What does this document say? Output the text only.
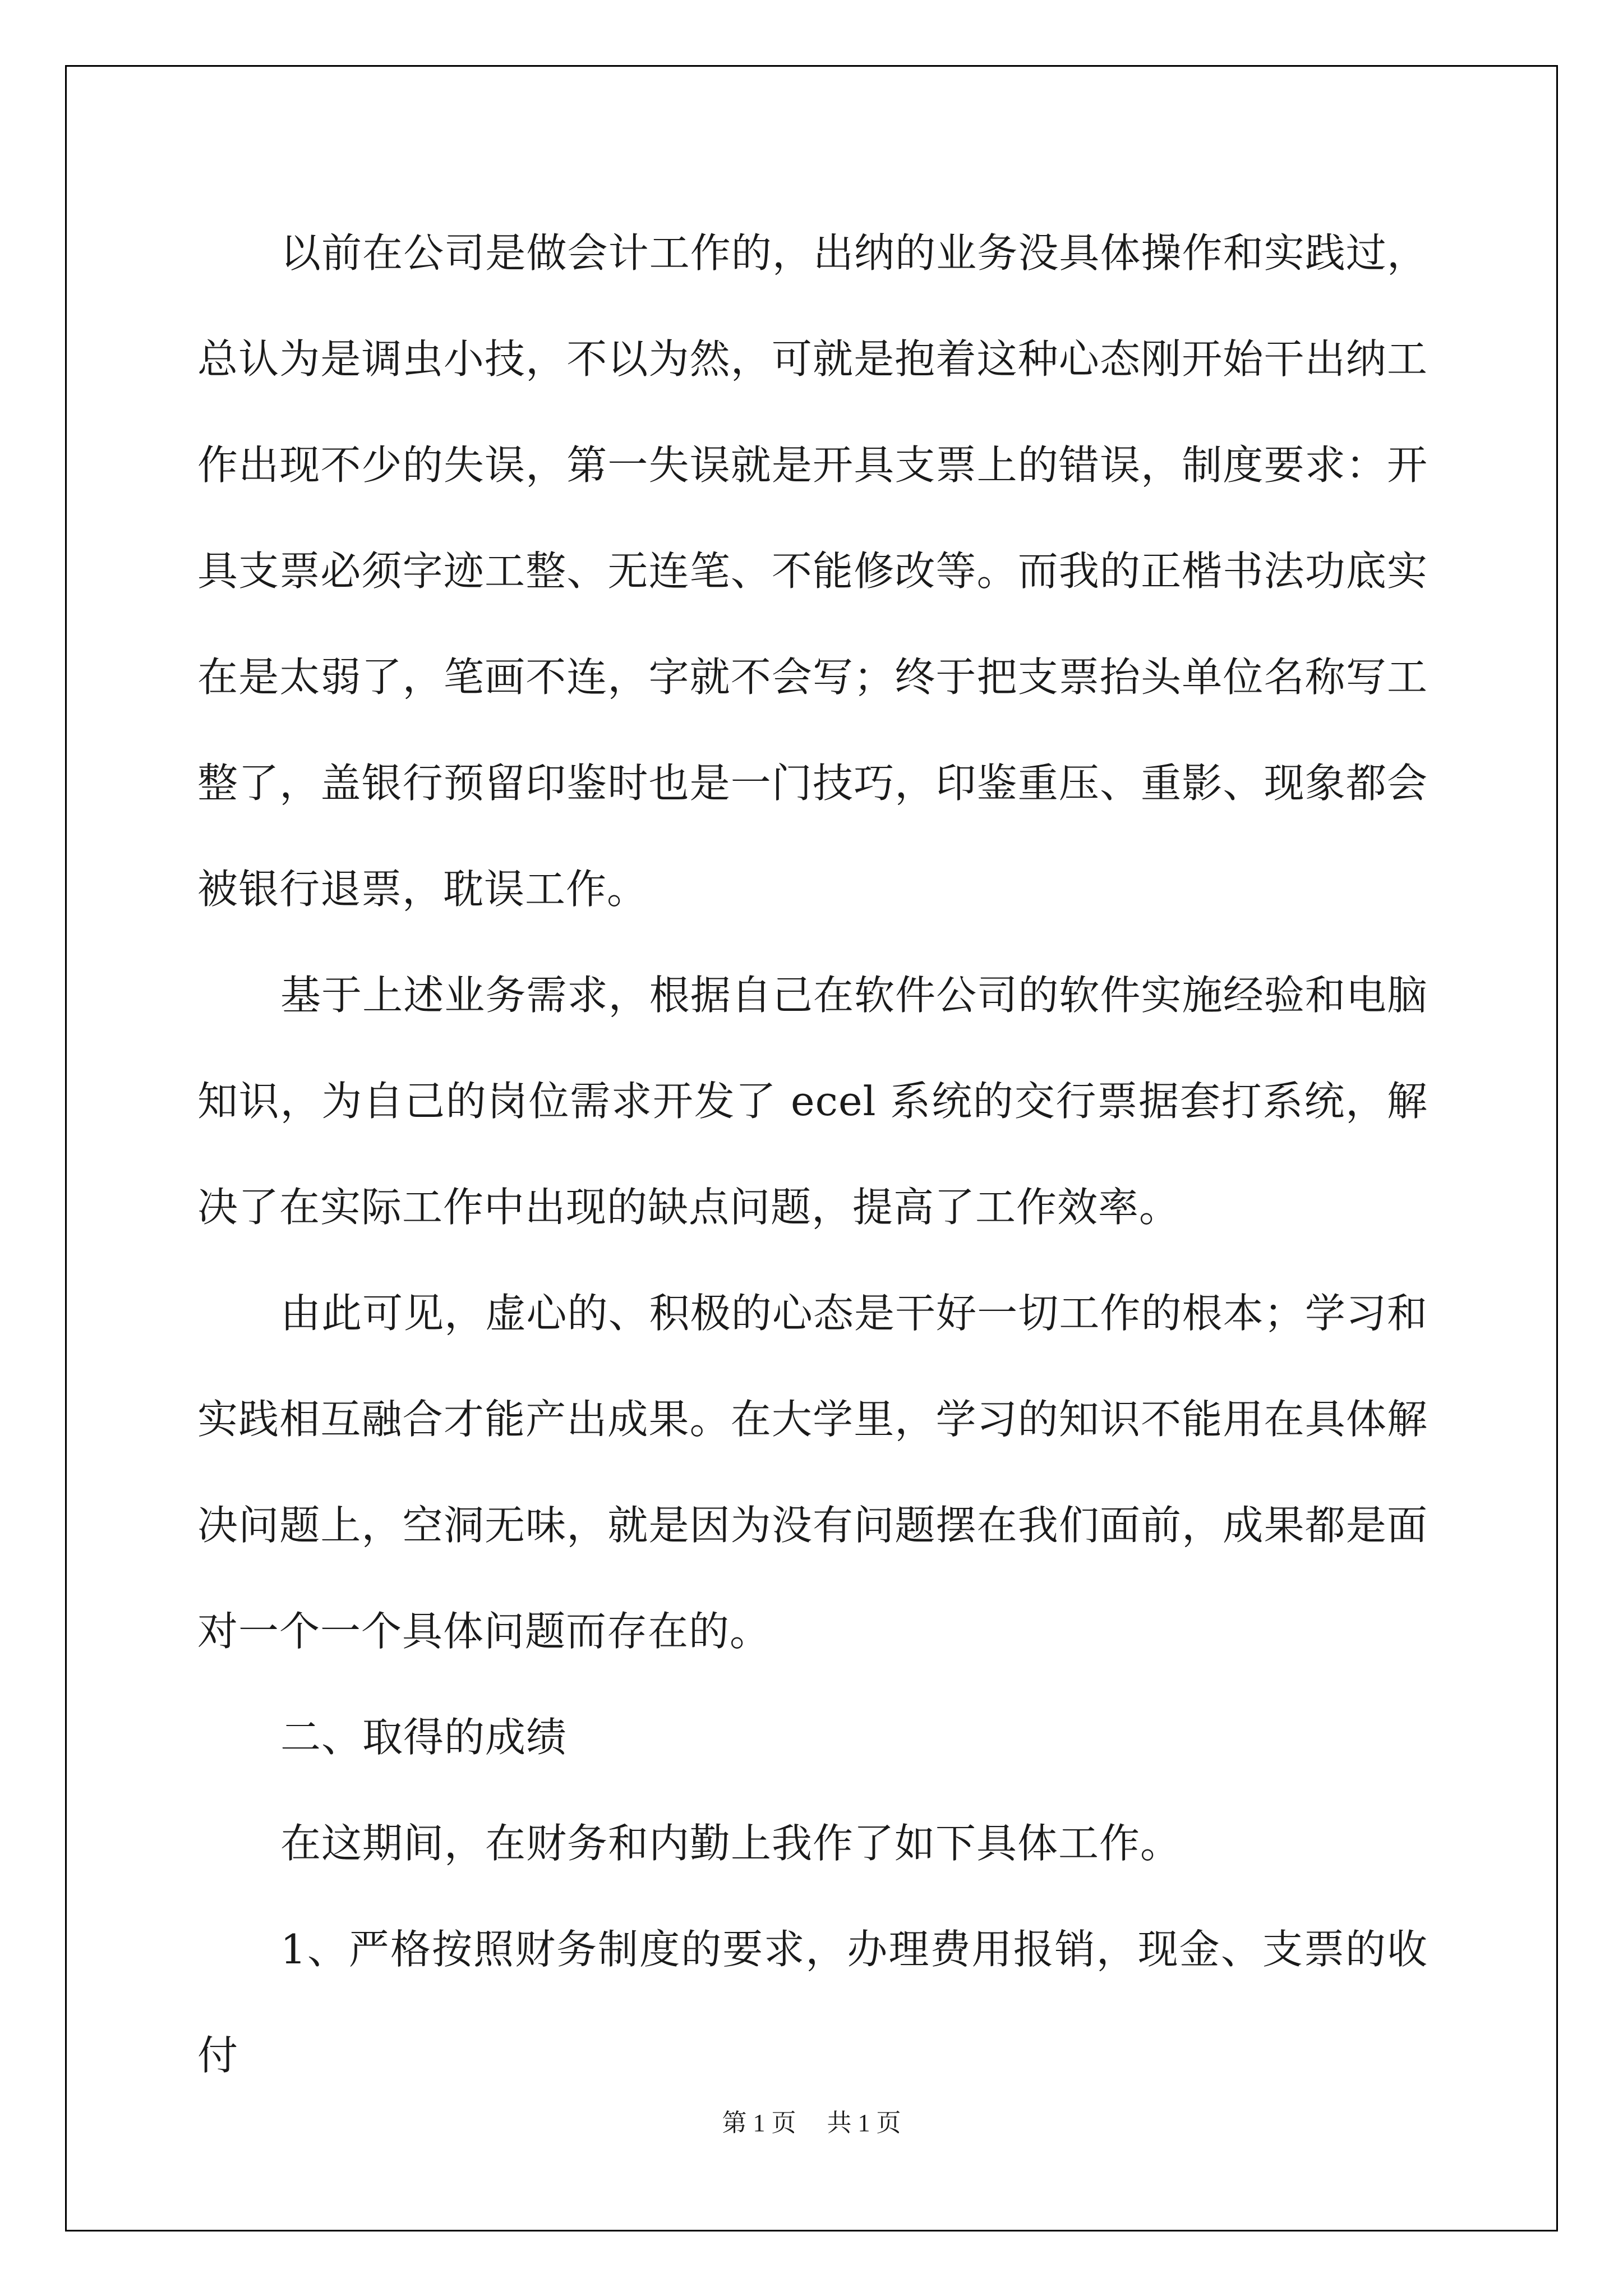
以前在公司是做会计工作的，出纳的业务没具体操作和实践过，总认为是调虫小技，不以为然，可就是抱着这种心态刚开始干出纳工作出现不少的失误，第一失误就是开具支票上的错误，制度要求：开具支票必须字迹工整、无连笔、不能修改等。而我的正楷书法功底实在是太弱了，笔画不连，字就不会写；终于把支票抬头单位名称写工整了，盖银行预留印鉴时也是一门技巧，印鉴重压、重影、现象都会被银行退票，耽误工作。

基于上述业务需求，根据自己在软件公司的软件实施经验和电脑知识，为自己的岗位需求开发了 ecel 系统的交行票据套打系统，解决了在实际工作中出现的缺点问题，提高了工作效率。

由此可见，虚心的、积极的心态是干好一切工作的根本；学习和实践相互融合才能产出成果。在大学里，学习的知识不能用在具体解决问题上，空洞无味，就是因为没有问题摆在我们面前，成果都是面对一个一个具体问题而存在的。

二、取得的成绩

在这期间，在财务和内勤上我作了如下具体工作。

1、严格按照财务制度的要求，办理费用报销，现金、支票的收付

第 1 页 共 1 页
